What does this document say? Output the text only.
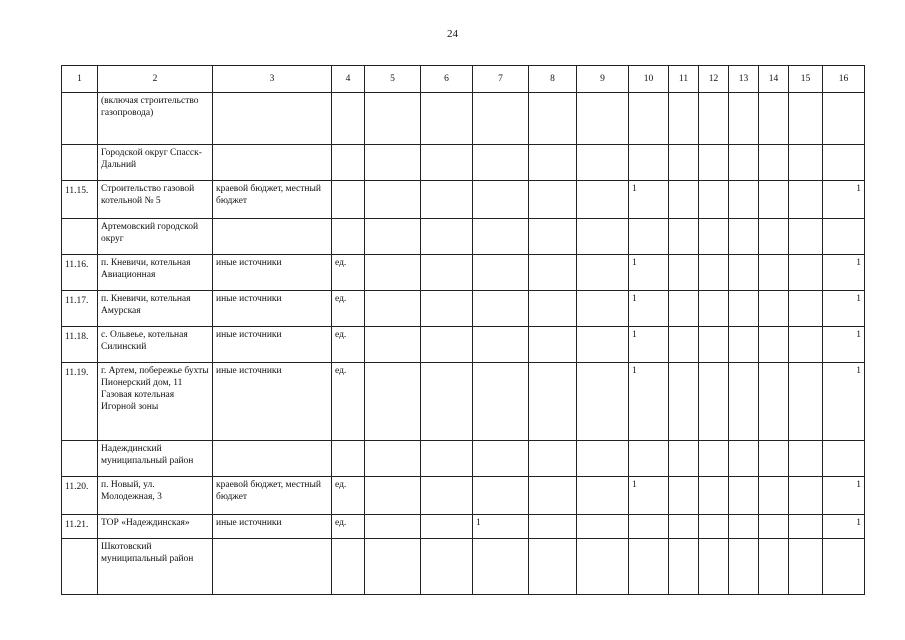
24
1	2	3	4	5	6	7	8	9	10	11	12	13	14	15	16
	(включая строительство газопровода)														
	Городской округ Спасск-Дальний														
11.15.	Строительство газовой котельной № 5	краевой бюджет, местный бюджет							1						1
	Артемовский городской округ														
11.16.	п. Кневичи, котельная Авиационная	иные источники	ед.						1						1
11.17.	п. Кневичи, котельная Амурская	иные источники	ед.						1						1
11.18.	с. Ольвеье, котельная Силинский	иные источники	ед.						1						1
11.19.	г. Артем, побережье бухты Пионерский дом, 11 Газовая котельная Игорной зоны	иные источники	ед.						1						1
	Надеждинский муниципальный район														
11.20.	п. Новый, ул. Молодежная, 3	краевой бюджет, местный бюджет	ед.						1						1
11.21.	ТОР «Надеждинская»	иные источники	ед.			1									1
	Шкотовский муниципальный район														
